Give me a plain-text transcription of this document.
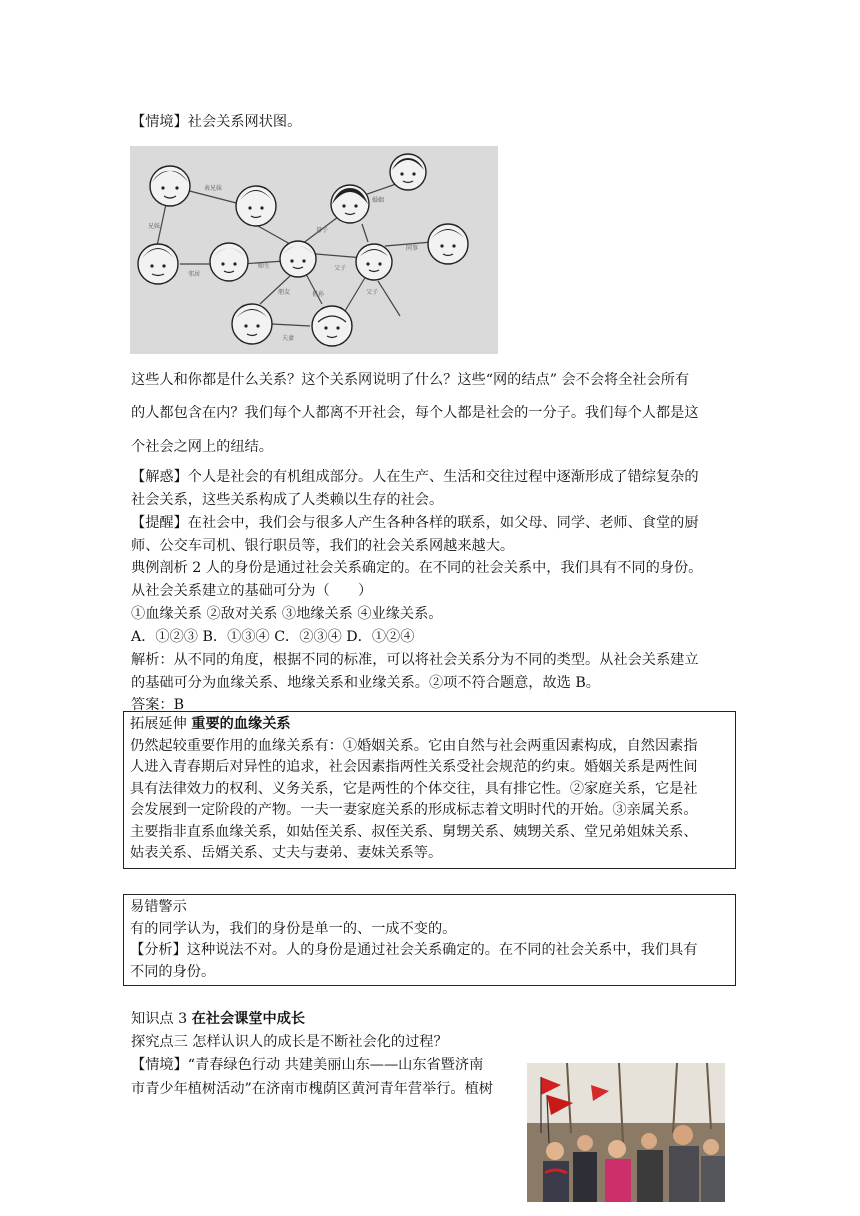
【情境】社会关系网状图。
表兄妹
兄妹
母子
婚姻
邻居
师生	父子
同事
夫妻
朋友	祖孙	父子
这些人和你都是什么关系？这个关系网说明了什么？这些“网的结点” 会不会将全社会所有
的人都包含在内？我们每个人都离不开社会，每个人都是社会的一分子。我们每个人都是这
个社会之网上的纽结。
【解惑】个人是社会的有机组成部分。人在生产、生活和交往过程中逐渐形成了错综复杂的
社会关系，这些关系构成了人类赖以生存的社会。
【提醒】在社会中，我们会与很多人产生各种各样的联系，如父母、同学、老师、食堂的厨
师、公交车司机、银行职员等，我们的社会关系网越来越大。
典例剖析 2 人的身份是通过社会关系确定的。在不同的社会关系中，我们具有不同的身份。
从社会关系建立的基础可分为（　　）
①血缘关系 ②敌对关系 ③地缘关系 ④业缘关系。
A．①②③ B．①③④ C．②③④ D．①②④
解析：从不同的角度，根据不同的标准，可以将社会关系分为不同的类型。从社会关系建立
的基础可分为血缘关系、地缘关系和业缘关系。②项不符合题意，故选 B。
答案：B
拓展延伸 重要的血缘关系
仍然起较重要作用的血缘关系有：①婚姻关系。它由自然与社会两重因素构成，自然因素指
人进入青春期后对异性的追求，社会因素指两性关系受社会规范的约束。婚姻关系是两性间
具有法律效力的权利、义务关系，它是两性的个体交往，具有排它性。②家庭关系，它是社
会发展到一定阶段的产物。一夫一妻家庭关系的形成标志着文明时代的开始。③亲属关系。
主要指非直系血缘关系，如姑侄关系、叔侄关系、舅甥关系、姨甥关系、堂兄弟姐妹关系、
姑表关系、岳婿关系、丈夫与妻弟、妻妹关系等。
易错警示
有的同学认为，我们的身份是单一的、一成不变的。
【分析】这种说法不对。人的身份是通过社会关系确定的。在不同的社会关系中，我们具有
不同的身份。
知识点 3 在社会课堂中成长
探究点三 怎样认识人的成长是不断社会化的过程？
【情境】“青春绿色行动 共建美丽山东——山东省暨济南
市青少年植树活动”在济南市槐荫区黄河青年营举行。植树
